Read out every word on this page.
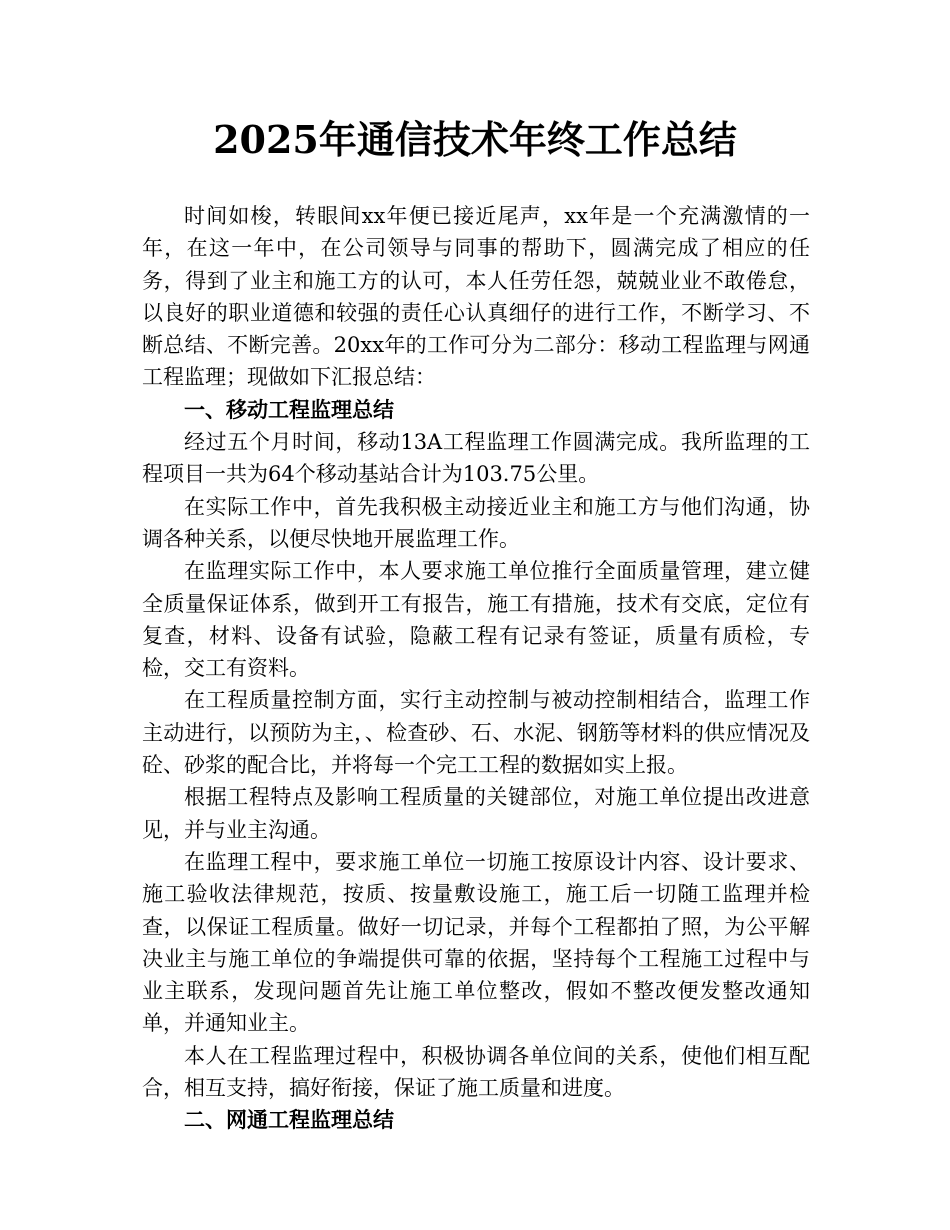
2025年通信技术年终工作总结

时间如梭，转眼间xx年便已接近尾声，xx年是一个充满激情的一年，在这一年中，在公司领导与同事的帮助下，圆满完成了相应的任务，得到了业主和施工方的认可，本人任劳任怨，兢兢业业不敢倦怠，以良好的职业道德和较强的责任心认真细仔的进行工作，不断学习、不断总结、不断完善。20xx年的工作可分为二部分：移动工程监理与网通工程监理；现做如下汇报总结：

一、移动工程监理总结

经过五个月时间，移动13A工程监理工作圆满完成。我所监理的工程项目一共为64个移动基站合计为103.75公里。

在实际工作中，首先我积极主动接近业主和施工方与他们沟通，协调各种关系，以便尽快地开展监理工作。

在监理实际工作中，本人要求施工单位推行全面质量管理，建立健全质量保证体系，做到开工有报告，施工有措施，技术有交底，定位有复查，材料、设备有试验，隐蔽工程有记录有签证，质量有质检，专检，交工有资料。

在工程质量控制方面，实行主动控制与被动控制相结合，监理工作主动进行，以预防为主，、检查砂、石、水泥、钢筋等材料的供应情况及砼、砂浆的配合比，并将每一个完工工程的数据如实上报。

根据工程特点及影响工程质量的关键部位，对施工单位提出改进意见，并与业主沟通。

在监理工程中，要求施工单位一切施工按原设计内容、设计要求、施工验收法律规范，按质、按量敷设施工，施工后一切随工监理并检查，以保证工程质量。做好一切记录，并每个工程都拍了照，为公平解决业主与施工单位的争端提供可靠的依据，坚持每个工程施工过程中与业主联系，发现问题首先让施工单位整改，假如不整改便发整改通知单，并通知业主。

本人在工程监理过程中，积极协调各单位间的关系，使他们相互配合，相互支持，搞好衔接，保证了施工质量和进度。

二、网通工程监理总结
